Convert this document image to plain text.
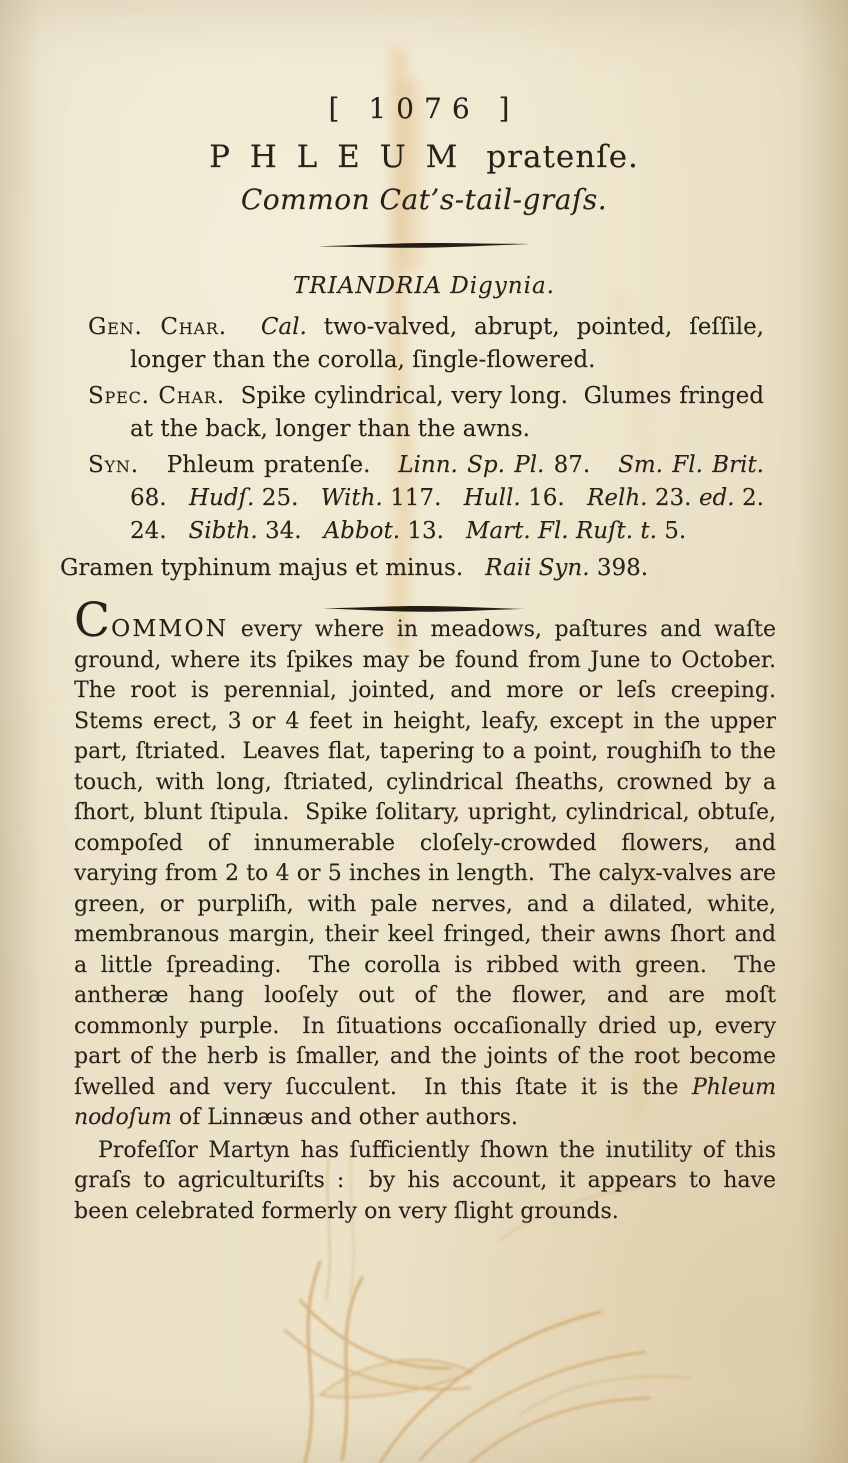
[ 1076 ]
P H L E U M pratenſe.
Common Cat’s-tail-graſs.
TRIANDRIA Digynia.

Gen. Char. Cal. two-valved, abrupt, pointed, ſeſſile, longer than the corolla, ſingle-flowered.

Spec. Char.  Spike cylindrical, very long.  Glumes fringed at the back, longer than the awns.

Syn.   Phleum pratenſe.   Linn. Sp. Pl. 87.   Sm. Fl. Brit. 68.   Hudſ. 25.   With. 117.   Hull. 16.   Relh. 23. ed. 2. 24.   Sibth. 34.   Abbot. 13.   Mart. Fl. Ruſt. t. 5.

Gramen typhinum majus et minus.   Raii Syn. 398.

COMMON every where in meadows, paſtures and waſte ground, where its ſpikes may be found from June to October.  The root is perennial, jointed, and more or leſs creeping.  Stems erect, 3 or 4 feet in height, leafy, except in the upper part, ſtriated.  Leaves flat, tapering to a point, roughiſh to the touch, with long, ſtriated, cylindrical ſheaths, crowned by a ſhort, blunt ſtipula.  Spike ſolitary, upright, cylindrical, obtuſe, compoſed of innumerable cloſely-crowded flowers, and varying from 2 to 4 or 5 inches in length.  The calyx-valves are green, or purpliſh, with pale nerves, and a dilated, white, membranous margin, their keel fringed, their awns ſhort and a little ſpreading.  The corolla is ribbed with green.  The antheræ hang looſely out of the flower, and are moſt commonly purple.  In ſituations occaſionally dried up, every part of the herb is ſmaller, and the joints of the root become ſwelled and very ſucculent.  In this ſtate it is the Phleum nodoſum of Linnæus and other authors.

Profeſſor Martyn has ſufficiently ſhown the inutility of this graſs to agriculturiſts :  by his account, it appears to have been celebrated formerly on very ſlight grounds.
